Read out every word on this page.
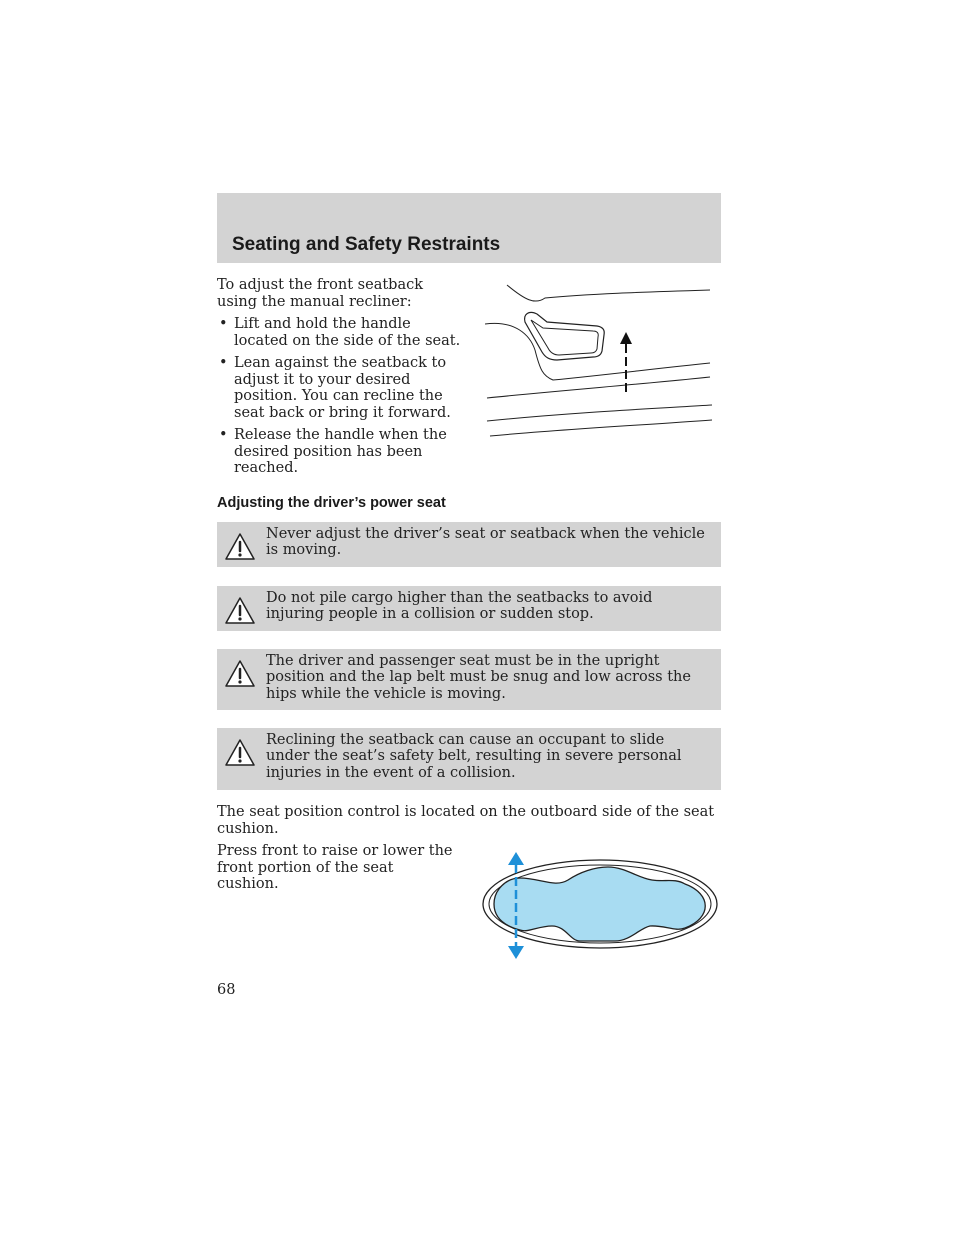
Seating and Safety Restraints

To adjust the front seatback using the manual recliner:

• Lift and hold the handle located on the side of the seat.
• Lean against the seatback to adjust it to your desired position. You can recline the seat back or bring it forward.
• Release the handle when the desired position has been reached.
Adjusting the driver’s power seat

Never adjust the driver’s seat or seatback when the vehicle is moving.

Do not pile cargo higher than the seatbacks to avoid injuring people in a collision or sudden stop.

The driver and passenger seat must be in the upright position and the lap belt must be snug and low across the hips while the vehicle is moving.

Reclining the seatback can cause an occupant to slide under the seat’s safety belt, resulting in severe personal injuries in the event of a collision.

The seat position control is located on the outboard side of the seat cushion.

Press front to raise or lower the front portion of the seat cushion.

68
